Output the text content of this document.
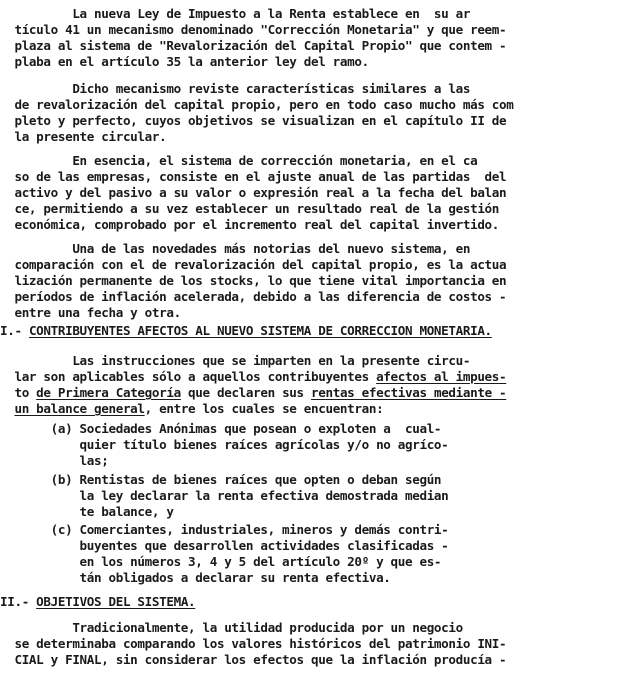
La nueva Ley de Impuesto a la Renta establece en  su ar
tículo 41 un mecanismo denominado "Corrección Monetaria" y que reem-
plaza al sistema de "Revalorización del Capital Propio" que contem -
plaba en el artículo 35 la anterior ley del ramo.
Dicho mecanismo reviste características similares a las
de revalorización del capital propio, pero en todo caso mucho más com
pleto y perfecto, cuyos objetivos se visualizan en el capítulo II de
la presente circular.
En esencia, el sistema de corrección monetaria, en el ca
so de las empresas, consiste en el ajuste anual de las partidas  del
activo y del pasivo a su valor o expresión real a la fecha del balan
ce, permitiendo a su vez establecer un resultado real de la gestión
económica, comprobado por el incremento real del capital invertido.
Una de las novedades más notorias del nuevo sistema, en
comparación con el de revalorización del capital propio, es la actua
lización permanente de los stocks, lo que tiene vital importancia en
períodos de inflación acelerada, debido a las diferencia de costos -
entre una fecha y otra.
I.- CONTRIBUYENTES AFECTOS AL NUEVO SISTEMA DE CORRECCION MONETARIA.
Las instrucciones que se imparten en la presente circu-
lar son aplicables sólo a aquellos contribuyentes afectos al impues-
to de Primera Categoría que declaren sus rentas efectivas mediante -
un balance general, entre los cuales se encuentran:
(a) Sociedades Anónimas que posean o exploten a  cual-
quier título bienes raíces agrícolas y/o no agríco-
las;
(b) Rentistas de bienes raíces que opten o deban según
la ley declarar la renta efectiva demostrada median
te balance, y
(c) Comerciantes, industriales, mineros y demás contri-
buyentes que desarrollen actividades clasificadas -
en los números 3, 4 y 5 del artículo 20º y que es-
tán obligados a declarar su renta efectiva.
II.- OBJETIVOS DEL SISTEMA.
Tradicionalmente, la utilidad producida por un negocio
se determinaba comparando los valores históricos del patrimonio INI-
CIAL y FINAL, sin considerar los efectos que la inflación producía -
